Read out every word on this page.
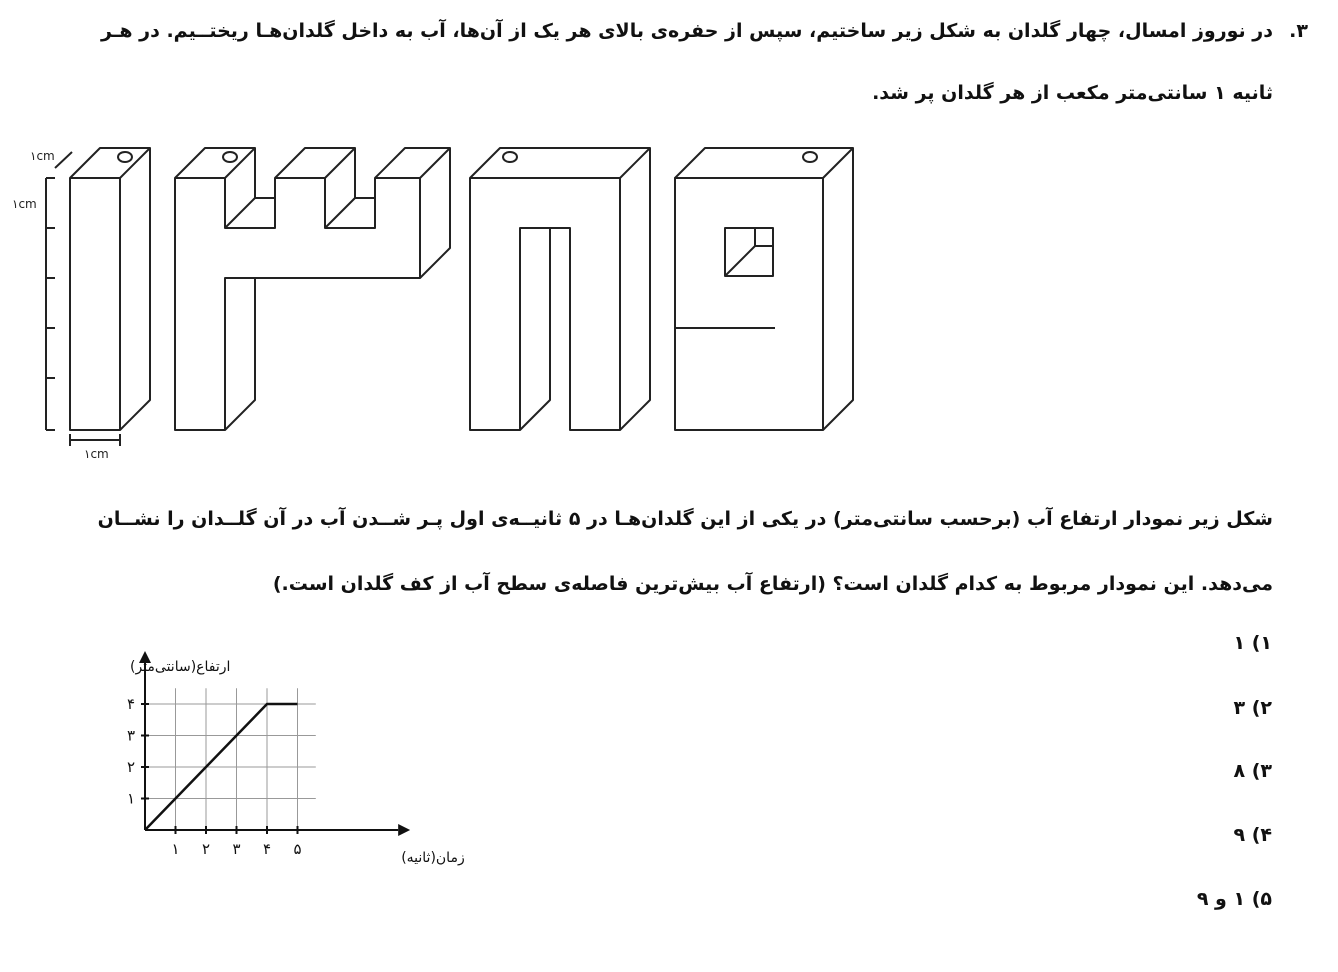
۳.
در نوروز امسال، چهار گلدان به شکل زیر ساختیم، سپس از حفره‌ی بالای هر یک از آن‌ها، آب به داخل گلدان‌هـا ریختــیم. در هـر
ثانیه ۱ سانتی‌متر مکعب از هر گلدان پر شد.
۱cm
۱cm
۱cm
شکل زیر نمودار ارتفاع آب (برحسب سانتی‌متر) در یکی از این گلدان‌هـا در ۵ ثانیــه‌ی اول پـر شــدن آب در آن گلــدان را نشــان
می‌دهد. این نمودار مربوط به کدام گلدان است؟ (ارتفاع آب بیش‌ترین فاصله‌ی سطح آب از کف گلدان است.)
۱ ۲ ۳ ۴ ۵
۱
۲
۳
۴
زمان(ثانیه)
ارتفاع(سانتی‌متر)
۱) ۱
۲) ۳
۳) ۸
۴) ۹
۵) ۱ و ۹
